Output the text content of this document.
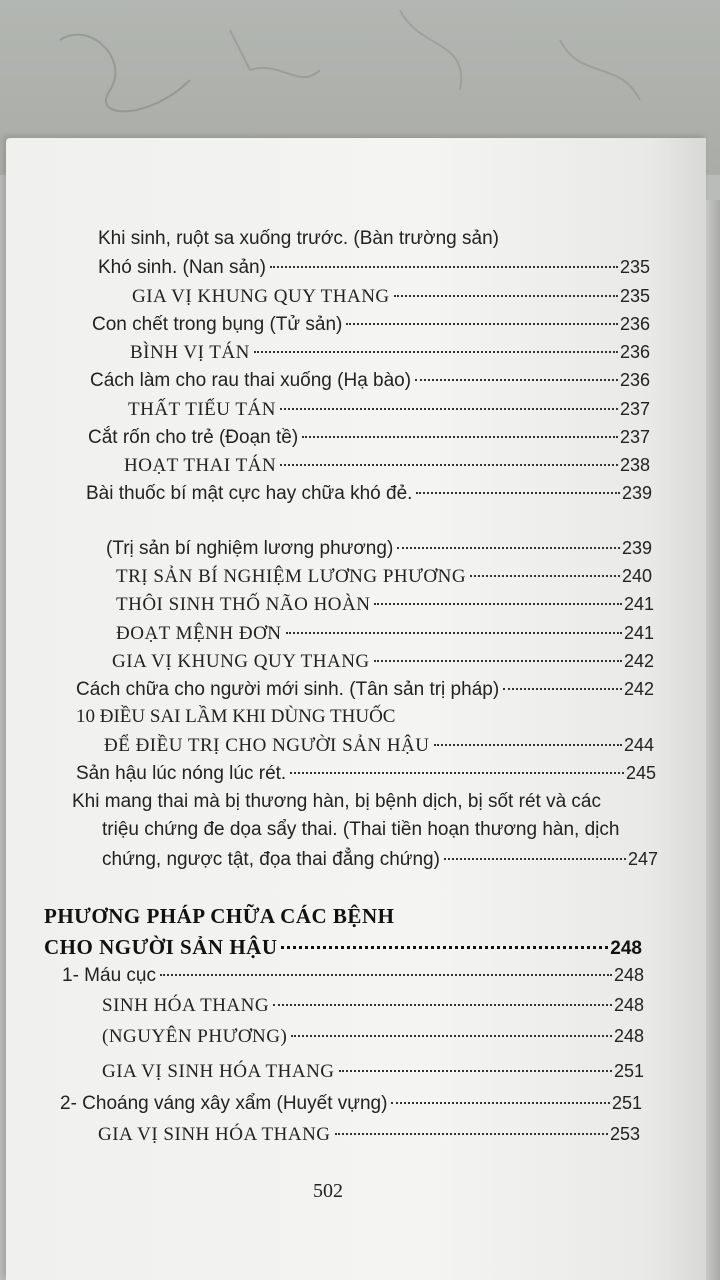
Khi sinh, ruột sa xuống trước. (Bàn trường sản)
Khó sinh. (Nan sản)	235
GIA VỊ KHUNG QUY THANG	235
Con chết trong bụng (Tử sản)	236
BÌNH VỊ TÁN	236
Cách làm cho rau thai xuống (Hạ bào)	236
THẤT TIẾU TÁN	237
Cắt rốn cho trẻ (Đoạn tề)	237
HOẠT THAI TÁN	238
Bài thuốc bí mật cực hay chữa khó đẻ.	239
(Trị sản bí nghiệm lương phương)	239
TRỊ SẢN BÍ NGHIỆM LƯƠNG PHƯƠNG	240
THÔI SINH THỐ NÃO HOÀN	241
ĐOẠT MỆNH ĐƠN	241
GIA VỊ KHUNG QUY THANG	242
Cách chữa cho người mới sinh. (Tân sản trị pháp)	242
10 ĐIỀU SAI LẦM KHI DÙNG THUỐC
ĐỂ ĐIỀU TRỊ CHO NGƯỜI SẢN HẬU	244
Sản hậu lúc nóng lúc rét.	245
Khi mang thai mà bị thương hàn, bị bệnh dịch, bị sốt rét và các
triệu chứng đe dọa sẩy thai. (Thai tiền hoạn thương hàn, dịch
chứng, ngược tật, đọa thai đẳng chứng)	247
PHƯƠNG PHÁP CHỮA CÁC BỆNH
CHO NGƯỜI SẢN HẬU	248
1- Máu cục	248
SINH HÓA THANG	248
(NGUYÊN PHƯƠNG)	248
GIA VỊ SINH HÓA THANG	251
2- Choáng váng xây xẩm (Huyết vựng)	251
GIA VỊ SINH HÓA THANG	253
502
